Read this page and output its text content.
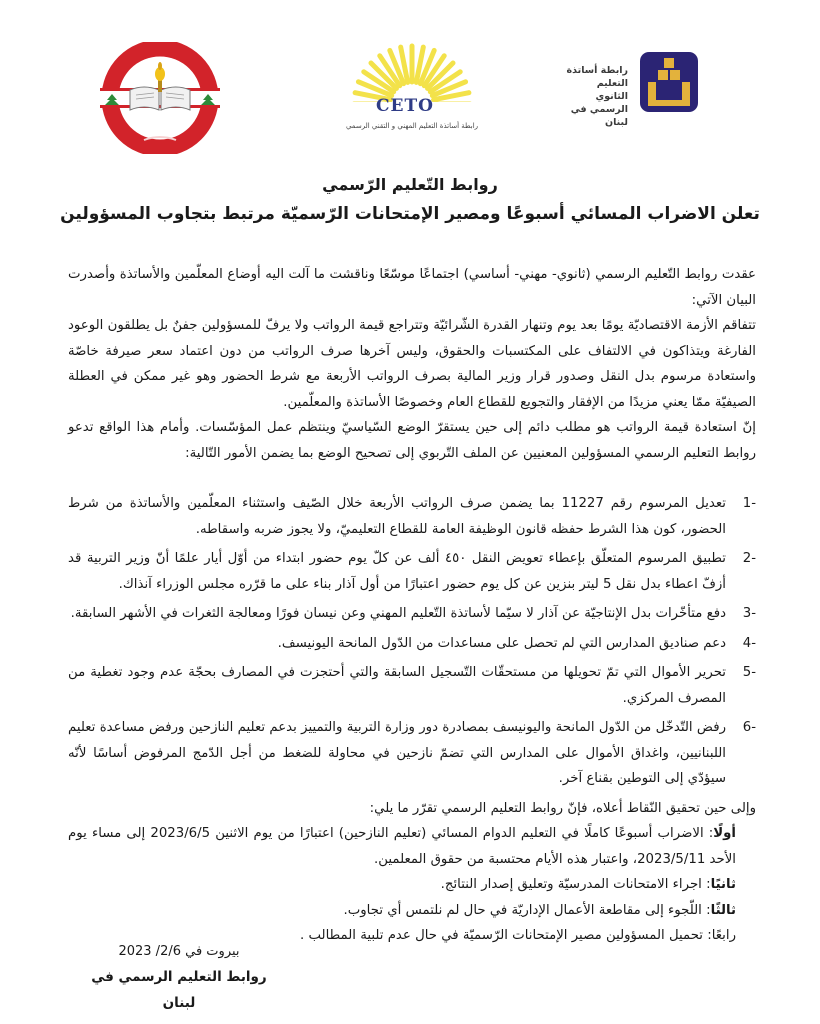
CETO
رابطة أساتذة التعليم المهني و التقني الرسمي
رابطة أساتذة
التعليم الثانوي
الرسمي في لبنان
روابط التّعليم الرّسمي
تعلن الاضراب المسائي أسبوعًا ومصير الإمتحانات الرّسميّة مرتبط بتجاوب المسؤولين

عقدت روابط التّعليم الرسمي (ثانوي- مهني- أساسي) اجتماعًا موسّعًا وناقشت ما آلت اليه أوضاع المعلّمين والأساتذة وأصدرت البيان الآتي:

تتفاقم الأزمة الاقتصاديّة يومًا بعد يوم وتنهار القدرة الشّرائيّة وتتراجع قيمة الرواتب ولا يرفّ للمسؤولين جفنٌ بل يطلقون الوعود الفارغة ويتذاكون في الالتفاف على المكتسبات والحقوق، وليس آخرها صرف الرواتب من دون اعتماد سعر صيرفة خاصّة واستعادة مرسوم بدل النقل وصدور قرار وزير المالية بصرف الرواتب الأربعة مع شرط الحضور وهو غير ممكن في العطلة الصيفيّة ممّا يعني مزيدًا من الإفقار والتجويع للقطاع العام وخصوصًا الأساتذة والمعلّمين.

إنّ استعادة قيمة الرواتب هو مطلب دائم إلى حين يستقرّ الوضع السّياسيّ وينتظم عمل المؤسّسات. وأمام هذا الواقع تدعو روابط التعليم الرسمي المسؤولين المعنيين عن الملف التّربوي إلى تصحيح الوضع بما يضمن الأمور التّالية:

-1
تعديل المرسوم رقم 11227 بما يضمن صرف الرواتب الأربعة خلال الصّيف واستثناء المعلّمين والأساتذة من شرط الحضور، كون هذا الشرط حفظه قانون الوظيفة العامة للقطاع التعليميّ، ولا يجوز ضربه واسقاطه.
-2
تطبيق المرسوم المتعلّق بإعطاء تعويض النقل ٤٥٠ ألف عن كلّ يوم حضور ابتداء من أوّل أيار علمًا أنّ وزير التربية قد أزفّ اعطاء بدل نقل 5 ليتر بنزين عن كل يوم حضور اعتبارًا من أول آذار بناء على ما قرّره مجلس الوزراء آنذاك.
-3
دفع متأخّرات بدل الإنتاجيّة عن آذار لا سيّما لأساتذة التّعليم المهني وعن نيسان فورًا ومعالجة الثغرات في الأشهر السابقة.
-4
دعم صناديق المدارس التي لم تحصل على مساعدات من الدّول المانحة اليونيسف.
-5
تحرير الأموال التي تمّ تحويلها من مستحقّات التّسجيل السابقة والتي أحتجزت في المصارف بحجّة عدم وجود تغطية من المصرف المركزي.
-6
رفض التّدخّل من الدّول المانحة واليونيسف بمصادرة دور وزارة التربية والتمييز بدعم تعليم النازحين ورفض مساعدة تعليم اللبنانيين، واغداق الأموال على المدارس التي تضمّ نازحين في محاولة للضغط من أجل الدّمج المرفوض أساسًا لأنّه سيؤدّي إلى التوطين بقناع آخر.

وإلى حين تحقيق النّقاط أعلاه، فإنّ روابط التعليم الرسمي تقرّر ما يلي:

أولًا: الاضراب أسبوعًا كاملًا في التعليم الدوام المسائي (تعليم النازحين) اعتبارًا من يوم الاثنين 2023/6/5 إلى مساء يوم الأحد 2023/5/11، واعتبار هذه الأيام محتسبة من حقوق المعلمين.

ثانيًا: اجراء الامتحانات المدرسيّة وتعليق إصدار النتائج.

ثالثًا: اللّجوء إلى مقاطعة الأعمال الإداريّة في حال لم نلتمس أي تجاوب.

رابعًا: تحميل المسؤولين مصير الإمتحانات الرّسميّة في حال عدم تلبية المطالب .

بيروت في 2/6/ 2023
روابط التعليم الرسمي في لبنان
